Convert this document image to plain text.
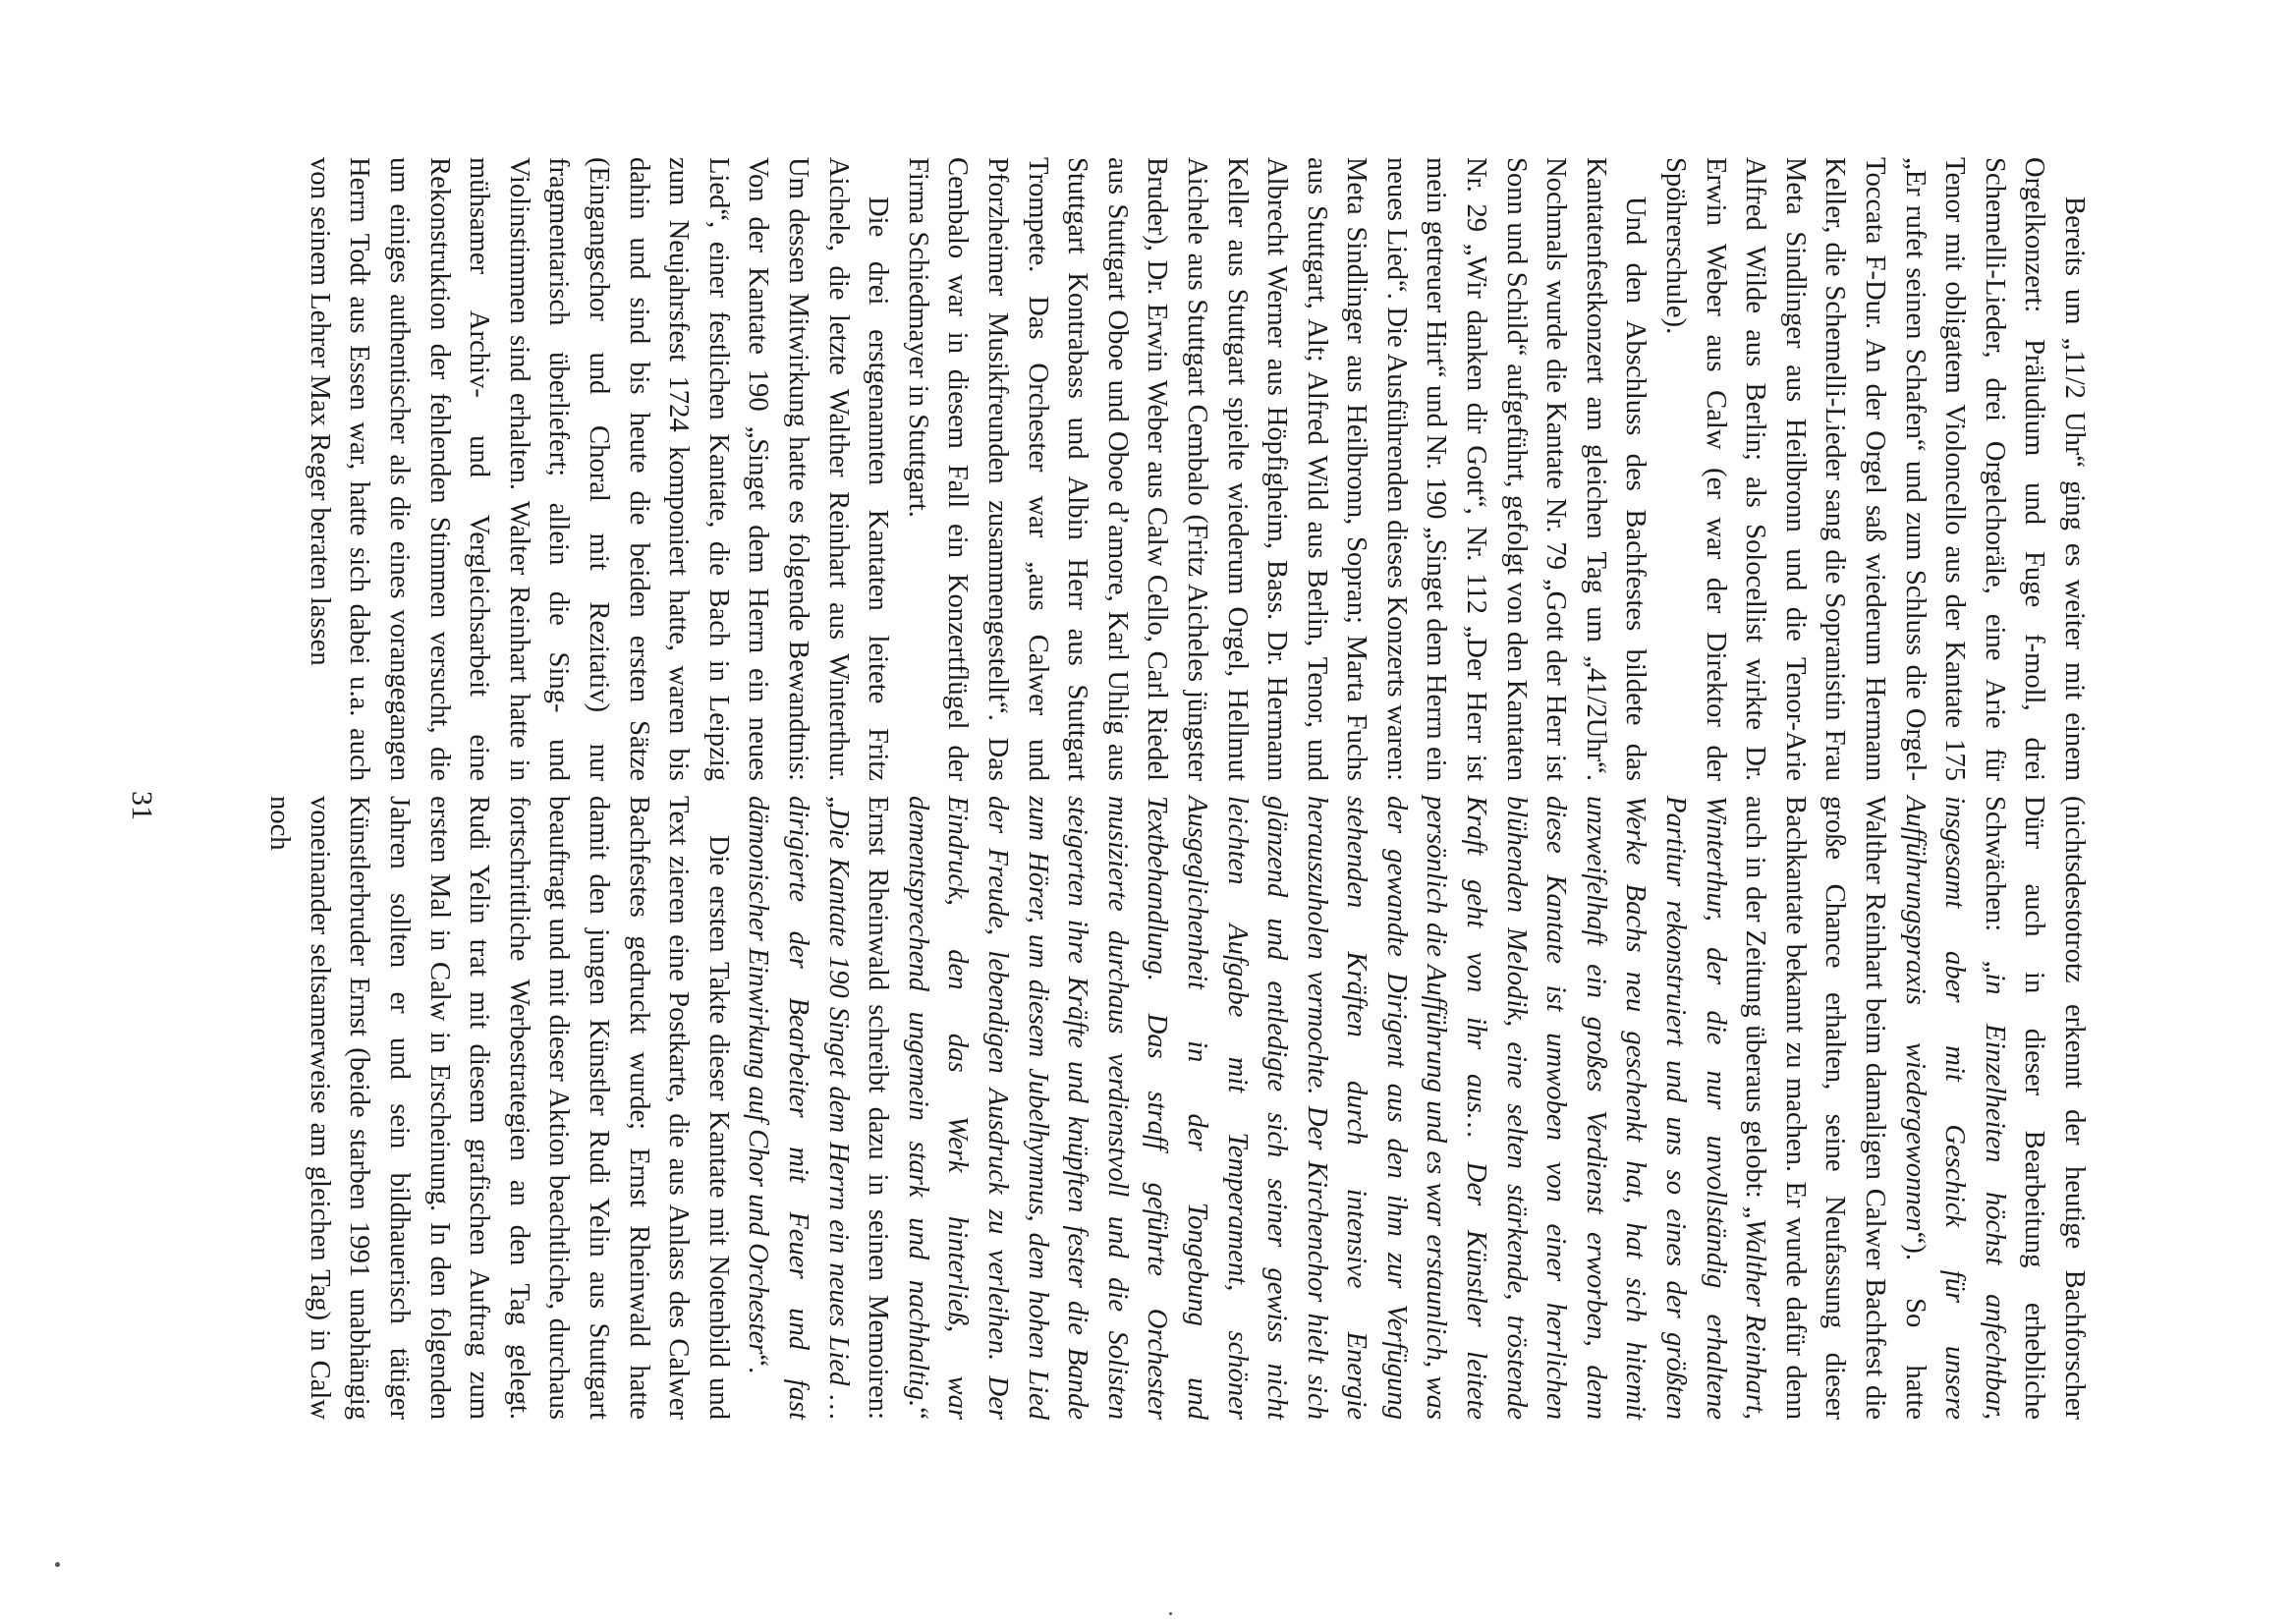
Bereits um „11/2 Uhr“ ging es weiter mit einem Orgelkonzert: Präludium und Fuge f-moll, drei Schemelli-Lieder, drei Orgelchoräle, eine Arie für Tenor mit obligatem Violoncello aus der Kantate 175 „Er rufet seinen Schafen“ und zum Schluss die Orgel-Toccata F-Dur. An der Orgel saß wiederum Hermann Keller, die Schemelli-Lieder sang die Sopranistin Frau Meta Sindlinger aus Heilbronn und die Tenor-Arie Alfred Wilde aus Berlin; als Solocellist wirkte Dr. Erwin Weber aus Calw (er war der Direktor der Spöhrerschule).

Und den Abschluss des Bachfestes bildete das Kantatenfestkonzert am gleichen Tag um „41/2Uhr“. Nochmals wurde die Kantate Nr. 79 „Gott der Herr ist Sonn und Schild“ aufgeführt, gefolgt von den Kantaten Nr. 29 „Wir danken dir Gott“, Nr. 112 „Der Herr ist mein getreuer Hirt“ und Nr. 190 „Singet dem Herrn ein neues Lied“. Die Ausführenden dieses Konzerts waren: Meta Sindlinger aus Heilbronn, Sopran; Marta Fuchs aus Stuttgart, Alt; Alfred Wild aus Berlin, Tenor, und Albrecht Werner aus Höpfigheim, Bass. Dr. Hermann Keller aus Stuttgart spielte wiederum Orgel, Hellmut Aichele aus Stuttgart Cembalo (Fritz Aicheles jüngster Bruder), Dr. Erwin Weber aus Calw Cello, Carl Riedel aus Stuttgart Oboe und Oboe d’amore, Karl Uhlig aus Stuttgart Kontrabass und Albin Herr aus Stuttgart Trompete. Das Orchester war „aus Calwer und Pforzheimer Musikfreunden zusammengestellt“. Das Cembalo war in diesem Fall ein Konzertflügel der Firma Schiedmayer in Stuttgart.

Die drei erstgenannten Kantaten leitete Fritz Aichele, die letzte Walther Reinhart aus Winterthur. Um dessen Mitwirkung hatte es folgende Bewandtnis: Von der Kantate 190 „Singet dem Herrn ein neues Lied“, einer festlichen Kantate, die Bach in Leipzig zum Neujahrsfest 1724 komponiert hatte, waren bis dahin und sind bis heute die beiden ersten Sätze (Eingangschor und Choral mit Rezitativ) nur fragmentarisch überliefert; allein die Sing- und Violinstimmen sind erhalten. Walter Reinhart hatte in mühsamer Archiv- und Vergleichsarbeit eine Rekonstruktion der fehlenden Stimmen versucht, die um einiges authentischer als die eines vorangegangen Herrn Todt aus Essen war, hatte sich dabei u.a. auch von seinem Lehrer Max Reger beraten lassen

(nichtsdestotrotz erkennt der heutige Bachforscher Dürr auch in dieser Bearbeitung erhebliche Schwächen: „in Einzelheiten höchst anfechtbar, insgesamt aber mit Geschick für unsere Aufführungspraxis wiedergewonnen“). So hatte Walther Reinhart beim damaligen Calwer Bachfest die große Chance erhalten, seine Neufassung dieser Bachkantate bekannt zu machen. Er wurde dafür denn auch in der Zeitung überaus gelobt: „Walther Reinhart, Winterthur, der die nur unvollständig erhaltene Partitur rekonstruiert und uns so eines der größten Werke Bachs neu geschenkt hat, hat sich hitemit unzweifelhaft ein großes Verdienst erworben, denn diese Kantate ist umwoben von einer herrlichen blühenden Melodik, eine selten stärkende, tröstende Kraft geht von ihr aus… Der Künstler leitete persönlich die Aufführung und es war erstaunlich, was der gewandte Dirigent aus den ihm zur Verfügung stehenden Kräften durch intensive Energie herauszuholen vermochte. Der Kirchenchor hielt sich glänzend und entledigte sich seiner gewiss nicht leichten Aufgabe mit Temperament, schöner Ausgeglichenheit in der Tongebung und Textbehandlung. Das straff geführte Orchester musizierte durchaus verdienstvoll und die Solisten steigerten ihre Kräfte und knüpften fester die Bande zum Hörer, um diesem Jubelhymnus, dem hohen Lied der Freude, lebendigen Ausdruck zu verleihen. Der Eindruck, den das Werk hinterließ, war dementsprechend ungemein stark und nachhaltig.“ Ernst Rheinwald schreibt dazu in seinen Memoiren: „Die Kantate 190 Singet dem Herrn ein neues Lied … dirigierte der Bearbeiter mit Feuer und fast dämonischer Einwirkung auf Chor und Orchester“.

Die ersten Takte dieser Kantate mit Notenbild und Text zieren eine Postkarte, die aus Anlass des Calwer Bachfestes gedruckt wurde; Ernst Rheinwald hatte damit den jungen Künstler Rudi Yelin aus Stuttgart beauftragt und mit dieser Aktion beachtliche, durchaus fortschrittliche Werbestrategien an den Tag gelegt. Rudi Yelin trat mit diesem grafischen Auftrag zum ersten Mal in Calw in Erscheinung. In den folgenden Jahren sollten er und sein bildhauerisch tätiger Künstlerbruder Ernst (beide starben 1991 unabhängig voneinander seltsamerweise am gleichen Tag) in Calw noch

31
